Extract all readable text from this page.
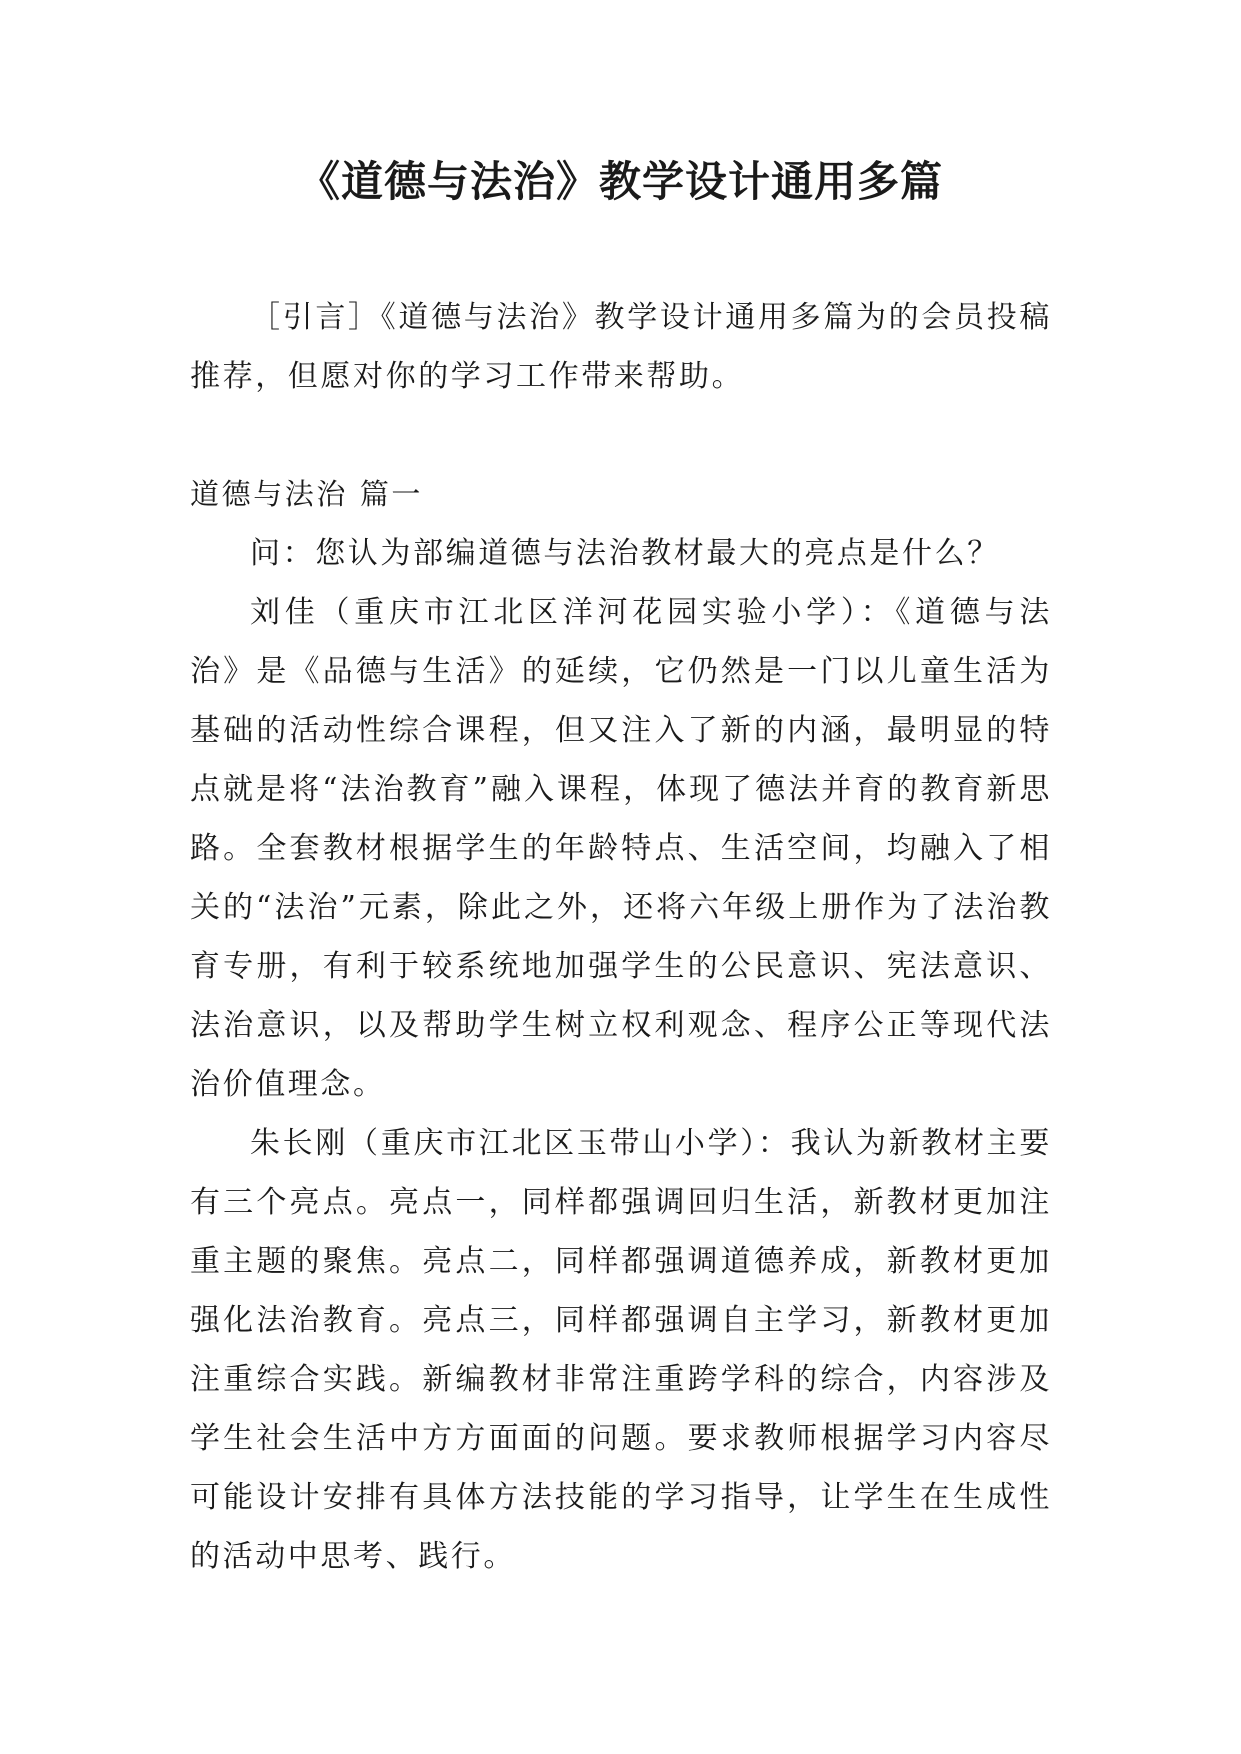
《道德与法治》教学设计通用多篇

［引言］《道德与法治》教学设计通用多篇为的会员投稿推荐，但愿对你的学习工作带来帮助。

道德与法治 篇一

问：您认为部编道德与法治教材最大的亮点是什么？

刘佳（重庆市江北区洋河花园实验小学）：《道德与法治》是《品德与生活》的延续，它仍然是一门以儿童生活为基础的活动性综合课程，但又注入了新的内涵，最明显的特点就是将“法治教育”融入课程，体现了德法并育的教育新思路。全套教材根据学生的年龄特点、生活空间，均融入了相关的“法治”元素，除此之外，还将六年级上册作为了法治教育专册，有利于较系统地加强学生的公民意识、宪法意识、法治意识，以及帮助学生树立权利观念、程序公正等现代法治价值理念。

朱长刚（重庆市江北区玉带山小学）：我认为新教材主要有三个亮点。亮点一，同样都强调回归生活，新教材更加注重主题的聚焦。亮点二，同样都强调道德养成，新教材更加强化法治教育。亮点三，同样都强调自主学习，新教材更加注重综合实践。新编教材非常注重跨学科的综合，内容涉及学生社会生活中方方面面的问题。要求教师根据学习内容尽可能设计安排有具体方法技能的学习指导，让学生在生成性的活动中思考、践行。
